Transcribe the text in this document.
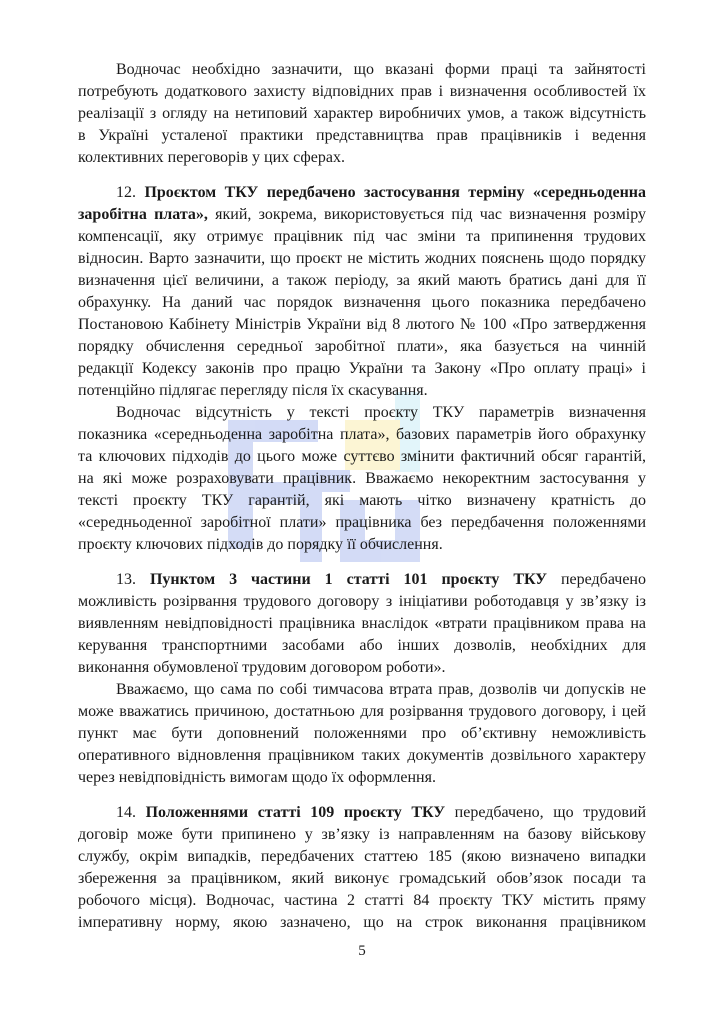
Водночас необхідно зазначити, що вказані форми праці та зайнятості
потребують додаткового захисту відповідних прав і визначення особливостей їх
реалізації з огляду на нетиповий характер виробничих умов, а також відсутність
в Україні усталеної практики представництва прав працівників і ведення
колективних переговорів у цих сферах.
12. Проєктом ТКУ передбачено застосування терміну «середньоденна
заробітна плата», який, зокрема, використовується під час визначення розміру
компенсації, яку отримує працівник під час зміни та припинення трудових
відносин. Варто зазначити, що проєкт не містить жодних пояснень щодо порядку
визначення цієї величини, а також періоду, за який мають братись дані для її
обрахунку. На даний час порядок визначення цього показника передбачено
Постановою Кабінету Міністрів України від 8 лютого № 100 «Про затвердження
порядку обчислення середньої заробітної плати», яка базується на чинній
редакції Кодексу законів про працю України та Закону «Про оплату праці» і
потенційно підлягає перегляду після їх скасування.
Водночас відсутність у тексті проєкту ТКУ параметрів визначення
показника «середньоденна заробітна плата», базових параметрів його обрахунку
та ключових підходів до цього може суттєво змінити фактичний обсяг гарантій,
на які може розраховувати працівник. Вважаємо некоректним застосування у
тексті проєкту ТКУ гарантій, які мають чітко визначену кратність до
«середньоденної заробітної плати» працівника без передбачення положеннями
проєкту ключових підходів до порядку її обчислення.
13. Пунктом 3 частини 1 статті 101 проєкту ТКУ передбачено
можливість розірвання трудового договору з ініціативи роботодавця у зв’язку із
виявленням невідповідності працівника внаслідок «втрати працівником права на
керування транспортними засобами або інших дозволів, необхідних для
виконання обумовленої трудовим договором роботи».
Вважаємо, що сама по собі тимчасова втрата прав, дозволів чи допусків не
може вважатись причиною, достатньою для розірвання трудового договору, і цей
пункт має бути доповнений положеннями про об’єктивну неможливість
оперативного відновлення працівником таких документів дозвільного характеру
через невідповідність вимогам щодо їх оформлення.
14. Положеннями статті 109 проєкту ТКУ передбачено, що трудовий
договір може бути припинено у зв’язку із направленням на базову військову
службу, окрім випадків, передбачених статтею 185 (якою визначено випадки
збереження за працівником, який виконує громадський обов’язок посади та
робочого місця). Водночас, частина 2 статті 84 проєкту ТКУ містить пряму
імперативну норму, якою зазначено, що на строк виконання працівником
5
